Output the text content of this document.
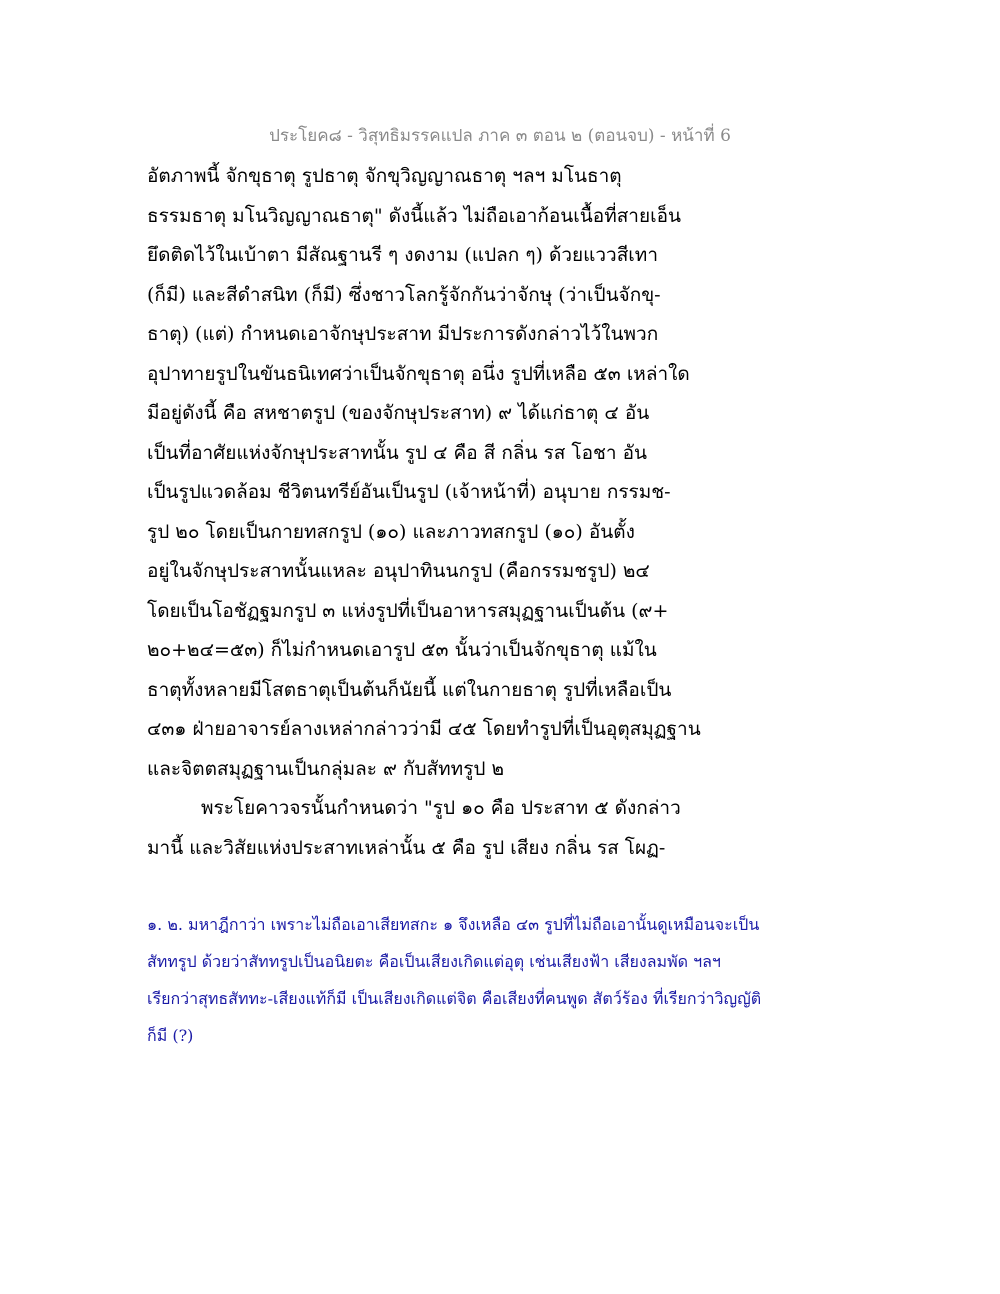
ประโยค๘ - วิสุทธิมรรคแปล ภาค ๓ ตอน ๒ (ตอนจบ) - หน้าที่ 6
อัตภาพนี้ จักขุธาตุ รูปธาตุ จักขุวิญญาณธาตุ ฯลฯ มโนธาตุ
ธรรมธาตุ มโนวิญญาณธาตุ" ดังนี้แล้ว ไม่ถือเอาก้อนเนื้อที่สายเอ็น
ยึดติดไว้ในเบ้าตา มีสัณฐานรี ๆ งดงาม (แปลก ๆ) ด้วยแววสีเทา
(ก็มี) และสีดำสนิท (ก็มี) ซึ่งชาวโลกรู้จักกันว่าจักษุ (ว่าเป็นจักขุ-
ธาตุ) (แต่) กำหนดเอาจักษุประสาท มีประการดังกล่าวไว้ในพวก
อุปาทายรูปในขันธนิเทศว่าเป็นจักขุธาตุ อนึ่ง รูปที่เหลือ ๕๓ เหล่าใด
มีอยู่ดังนี้ คือ สหชาตรูป (ของจักษุประสาท) ๙ ได้แก่ธาตุ ๔ อัน
เป็นที่อาศัยแห่งจักษุประสาทนั้น รูป ๔ คือ สี กลิ่น รส โอชา อัน
เป็นรูปแวดล้อม ชีวิตนทรีย์อันเป็นรูป (เจ้าหน้าที่) อนุบาย กรรมช-
รูป ๒๐ โดยเป็นกายทสกรูป (๑๐) และภาวทสกรูป (๑๐) อันตั้ง
อยู่ในจักษุประสาทนั้นแหละ อนุปาทินนกรูป (คือกรรมชรูป) ๒๔
โดยเป็นโอชัฏฐมกรูป ๓ แห่งรูปที่เป็นอาหารสมุฏฐานเป็นต้น (๙+
๒๐+๒๔=๕๓) ก็ไม่กำหนดเอารูป ๕๓ นั้นว่าเป็นจักขุธาตุ แม้ใน
ธาตุทั้งหลายมีโสตธาตุเป็นต้นก็นัยนี้ แต่ในกายธาตุ รูปที่เหลือเป็น
๔๓๑ ฝ่ายอาจารย์ลางเหล่ากล่าวว่ามี ๔๕ โดยทำรูปที่เป็นอุตุสมุฏฐาน
และจิตตสมุฏฐานเป็นกลุ่มละ ๙ กับสัททรูป ๒
พระโยคาวจรนั้นกำหนดว่า "รูป ๑๐ คือ ประสาท ๕ ดังกล่าว
มานี้ และวิสัยแห่งประสาทเหล่านั้น ๕ คือ รูป เสียง กลิ่น รส โผฏ-
๑. ๒. มหาฎีกาว่า เพราะไม่ถือเอาเสียทสกะ ๑ จึงเหลือ ๔๓ รูปที่ไม่ถือเอานั้นดูเหมือนจะเป็น
สัททรูป ด้วยว่าสัททรูปเป็นอนิยตะ คือเป็นเสียงเกิดแต่อุตุ เช่นเสียงฟ้า เสียงลมพัด ฯลฯ
เรียกว่าสุทธสัททะ-เสียงแท้ก็มี เป็นเสียงเกิดแต่จิต คือเสียงที่คนพูด สัตว์ร้อง ที่เรียกว่าวิญญัติ
ก็มี (?)
